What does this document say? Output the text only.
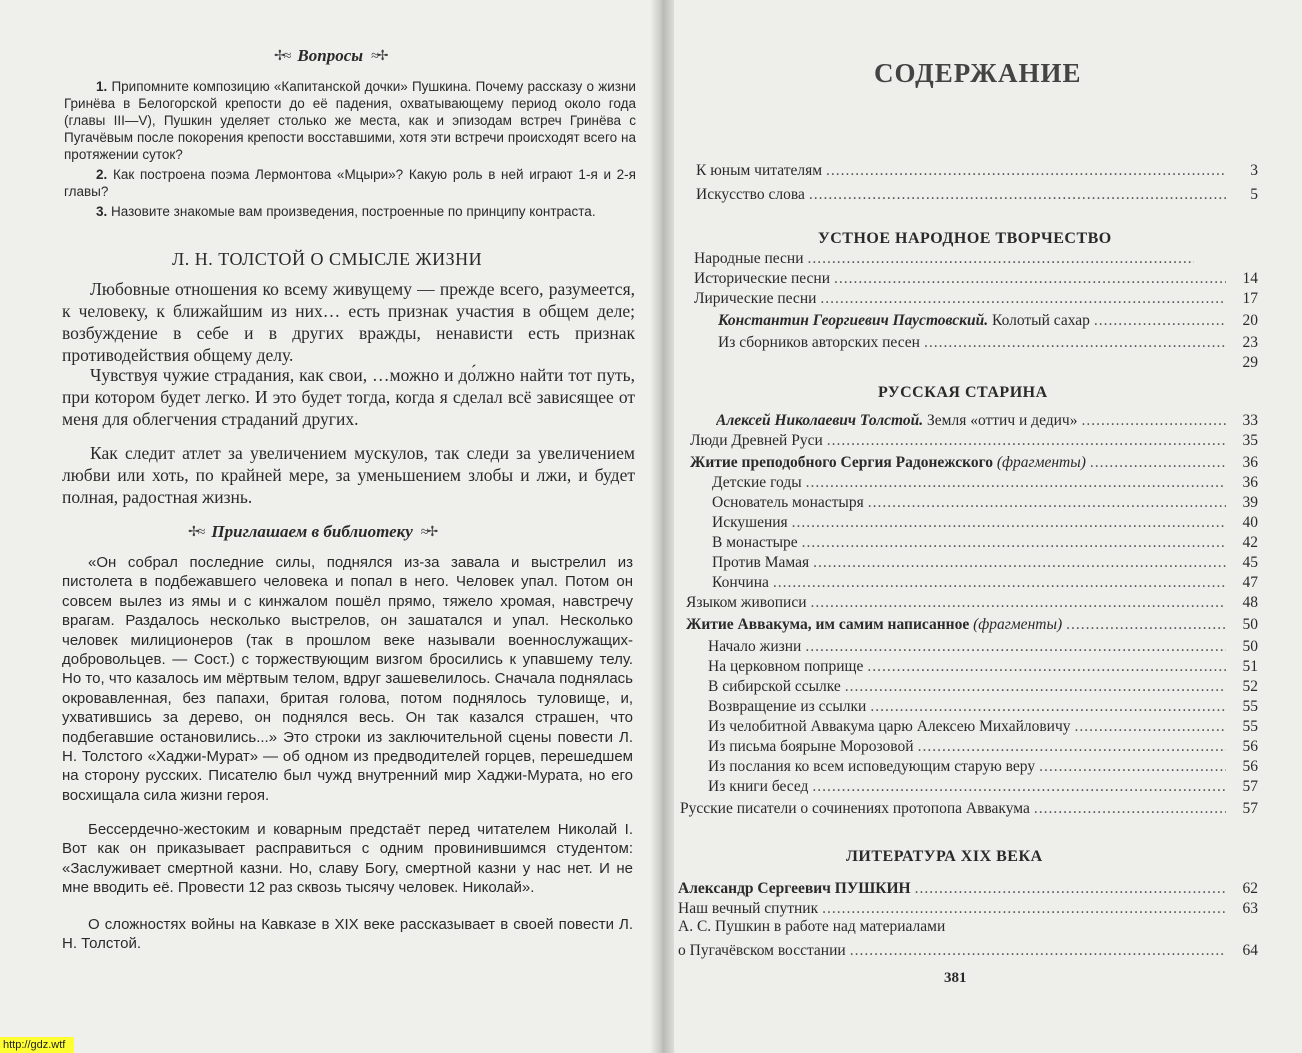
✢≈ Вопросы ≈✢

1. Припомните композицию «Капитанской дочки» Пушкина. Почему рассказу о жизни Гринёва в Белогорской крепости до её падения, охватывающему период около года (главы III—V), Пушкин уделяет столько же места, как и эпизодам встреч Гринёва с Пугачёвым после покорения крепости восставшими, хотя эти встречи происходят всего на протяжении суток?

2. Как построена поэма Лермонтова «Мцыри»? Какую роль в ней играют 1-я и 2-я главы?

3. Назовите знакомые вам произведения, построенные по принципу контраста.

Л. Н. ТОЛСТОЙ О СМЫСЛЕ ЖИЗНИ

Любовные отношения ко всему живущему — прежде всего, разумеется, к человеку, к ближайшим из них… есть признак участия в общем деле; возбуждение в себе и в других вражды, ненависти есть признак противодействия общему делу.

Чувствуя чужие страдания, как свои, …можно и до́лжно найти тот путь, при котором будет легко. И это будет тогда, когда я сделал всё зависящее от меня для облегчения страданий других.

Как следит атлет за увеличением мускулов, так следи за увеличением любви или хоть, по крайней мере, за уменьшением злобы и лжи, и будет полная, радостная жизнь.

✢≈ Приглашаем в библиотеку ≈✢

«Он собрал последние силы, поднялся из-за завала и выстрелил из пистолета в подбежавшего человека и попал в него. Человек упал. Потом он совсем вылез из ямы и с кинжалом пошёл прямо, тяжело хромая, навстречу врагам. Раздалось несколько выстрелов, он зашатался и упал. Несколько человек милиционеров (так в прошлом веке называли военнослужащих-добровольцев. — Сост.) с торжествующим визгом бросились к упавшему телу. Но то, что казалось им мёртвым телом, вдруг зашевелилось. Сначала поднялась окровавленная, без папахи, бритая голова, потом поднялось туловище, и, ухватившись за дерево, он поднялся весь. Он так казался страшен, что подбегавшие остановились...» Это строки из заключительной сцены повести Л. Н. Толстого «Хаджи-Мурат» — об одном из предводителей горцев, перешедшем на сторону русских. Писателю был чужд внутренний мир Хаджи-Мурата, но его восхищала сила жизни героя.

Бессердечно-жестоким и коварным предстаёт перед читателем Николай I. Вот как он приказывает расправиться с одним провинившимся студентом: «Заслуживает смертной казни. Но, славу Богу, смертной казни у нас нет. И не мне вводить её. Провести 12 раз сквозь тысячу человек. Николай».

О сложностях войны на Кавказе в XIX веке рассказывает в своей повести Л. Н. Толстой.

СОДЕРЖАНИЕ
К юным читателям .....	3
Искусство слова .....	5
УСТНОЕ НАРОДНОЕ ТВОРЧЕСТВО
Народные песни
.....
Исторические песни .....	14
Лирические песни .....	17
Константин Георгиевич Паустовский. Колотый сахар .....	20
Из сборников авторских песен .....	23
29
РУССКАЯ СТАРИНА
Алексей Николаевич Толстой. Земля «оттич и дедич» .....	33
Люди Древней Руси .....	35
Житие преподобного Сергия Радонежского (фрагменты) .....	36
Детские годы .....	36
Основатель монастыря .....	39
Искушения .....	40
В монастыре .....	42
Против Мамая .....	45
Кончина .....	47
Языком живописи .....	48
Житие Аввакума, им самим написанное (фрагменты) .....	50
Начало жизни .....	50
На церковном поприще .....	51
В сибирской ссылке .....	52
Возвращение из ссылки .....	55
Из челобитной Аввакума царю Алексею Михайловичу .....	55
Из письма боярыне Морозовой .....	56
Из послания ко всем исповедующим старую веру .....	56
Из книги бесед .....	57
Русские писатели о сочинениях протопопа Аввакума .....	57
ЛИТЕРАТУРА XIX ВЕКА
Александр Сергеевич ПУШКИН .....	62
Наш вечный спутник .....	63
А. С. Пушкин в работе над материалами
о Пугачёвском восстании .....	64
381
http://gdz.wtf
